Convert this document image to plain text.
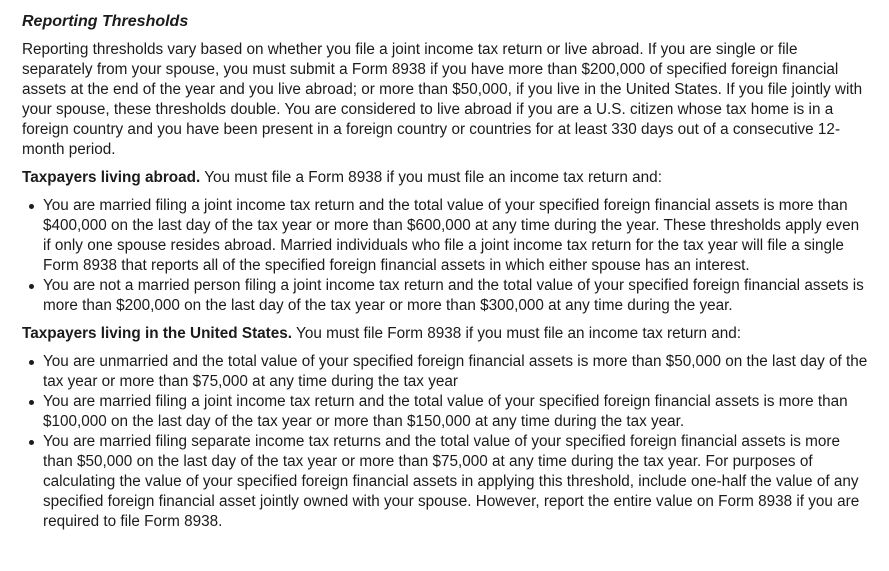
Reporting Thresholds

Reporting thresholds vary based on whether you file a joint income tax return or live abroad. If you are single or file separately from your spouse, you must submit a Form 8938 if you have more than $200,000 of specified foreign financial assets at the end of the year and you live abroad; or more than $50,000, if you live in the United States. If you file jointly with your spouse, these thresholds double. You are considered to live abroad if you are a U.S. citizen whose tax home is in a foreign country and you have been present in a foreign country or countries for at least 330 days out of a consecutive 12-month period.

Taxpayers living abroad. You must file a Form 8938 if you must file an income tax return and:

You are married filing a joint income tax return and the total value of your specified foreign financial assets is more than $400,000 on the last day of the tax year or more than $600,000 at any time during the year. These thresholds apply even if only one spouse resides abroad. Married individuals who file a joint income tax return for the tax year will file a single Form 8938 that reports all of the specified foreign financial assets in which either spouse has an interest.
You are not a married person filing a joint income tax return and the total value of your specified foreign financial assets is more than $200,000 on the last day of the tax year or more than $300,000 at any time during the year.

Taxpayers living in the United States. You must file Form 8938 if you must file an income tax return and:

You are unmarried and the total value of your specified foreign financial assets is more than $50,000 on the last day of the tax year or more than $75,000 at any time during the tax year
You are married filing a joint income tax return and the total value of your specified foreign financial assets is more than $100,000 on the last day of the tax year or more than $150,000 at any time during the tax year.
You are married filing separate income tax returns and the total value of your specified foreign financial assets is more than $50,000 on the last day of the tax year or more than $75,000 at any time during the tax year. For purposes of calculating the value of your specified foreign financial assets in applying this threshold, include one-half the value of any specified foreign financial asset jointly owned with your spouse. However, report the entire value on Form 8938 if you are required to file Form 8938.
